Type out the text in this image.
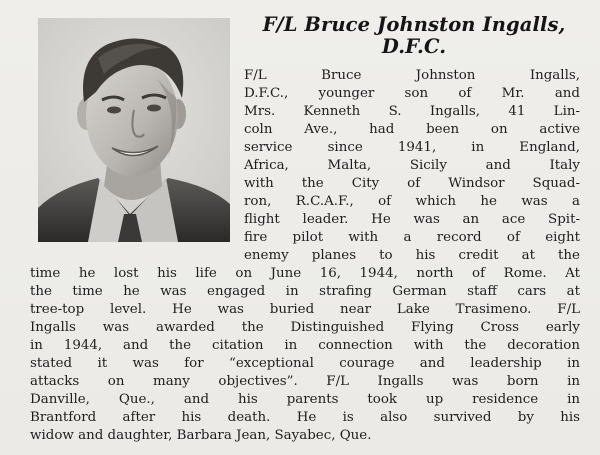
F/L Bruce Johnston Ingalls,
D.F.C.
F/L Bruce Johnston Ingalls,
D.F.C., younger son of Mr. and
Mrs. Kenneth S. Ingalls, 41 Lin-
coln Ave., had been on active
service since 1941, in England,
Africa, Malta, Sicily and Italy
with the City of Windsor Squad-
ron, R.C.A.F., of which he was a
flight leader. He was an ace Spit-
fire pilot with a record of eight
enemy planes to his credit at the
time he lost his life on June 16, 1944, north of Rome. At
the time he was engaged in strafing German staff cars at
tree-top level. He was buried near Lake Trasimeno. F/L
Ingalls was awarded the Distinguished Flying Cross early
in 1944, and the citation in connection with the decoration
stated it was for “exceptional courage and leadership in
attacks on many objectives”. F/L Ingalls was born in
Danville, Que., and his parents took up residence in
Brantford after his death. He is also survived by his
widow and daughter, Barbara Jean, Sayabec, Que.
